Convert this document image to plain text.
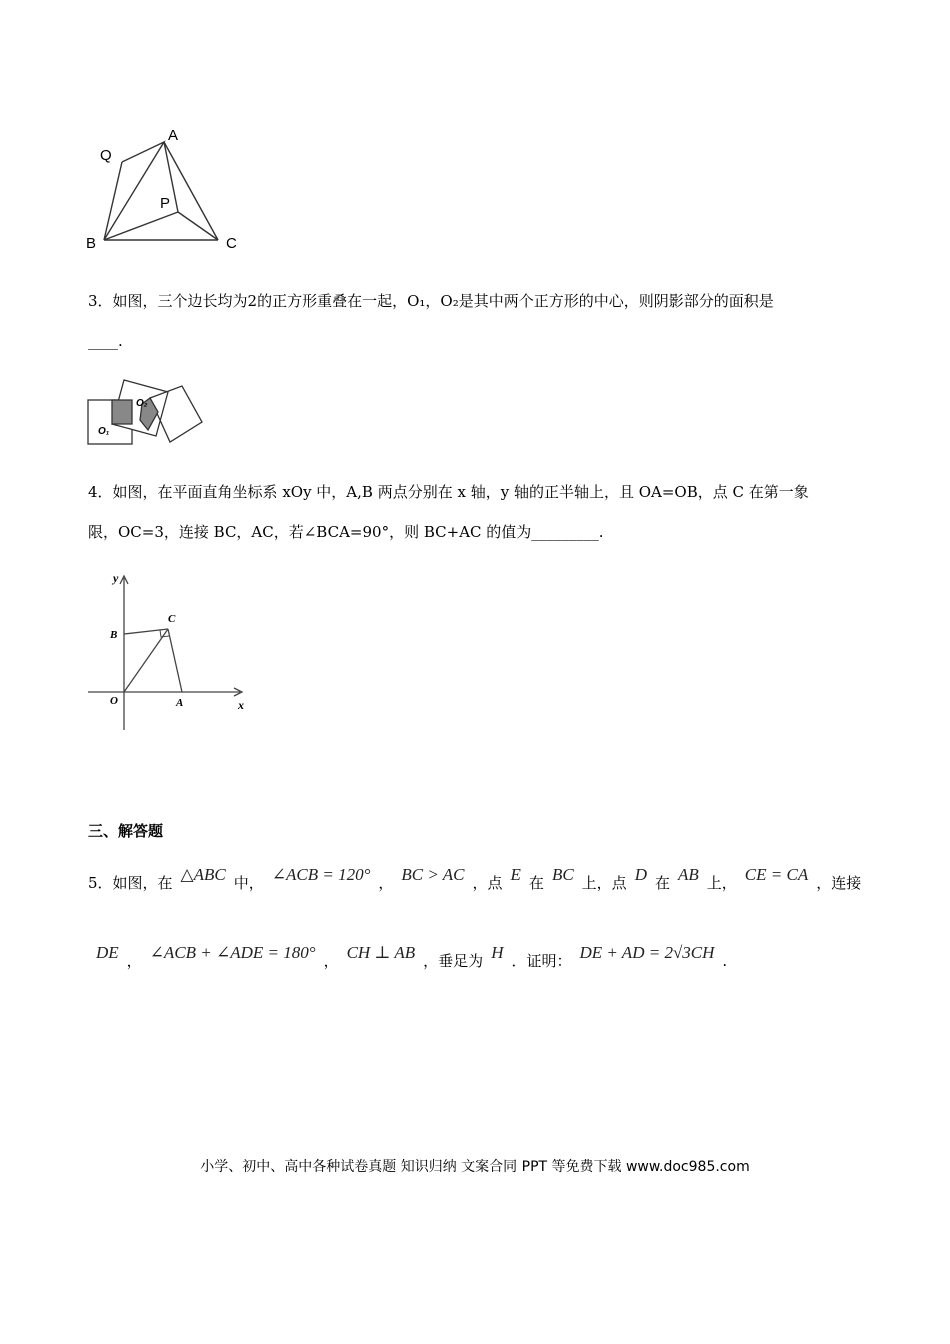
A
Q
P
B	C
3．如图，三个边长均为2的正方形重叠在一起，O₁，O₂是其中两个正方形的中心，则阴影部分的面积是
____.
O₁
O₂
4．如图，在平面直角坐标系 xOy 中，A,B 两点分别在 x 轴，y 轴的正半轴上，且 OA=OB，点 C 在第一象
限，OC=3，连接 BC，AC，若∠BCA=90°，则 BC+AC 的值为_________.
y
x
O
B
C
A
三、解答题
5．如图，在 △ABC 中， ∠ACB = 120° ， BC > AC ，点 E 在 BC 上，点 D 在 AB 上， CE = CA ，连接
DE ， ∠ACB + ∠ADE = 180° ， CH ⊥ AB ，垂足为 H ．证明： DE + AD = 2√3CH .
小学、初中、高中各种试卷真题 知识归纳 文案合同 PPT 等免费下载 www.doc985.com
